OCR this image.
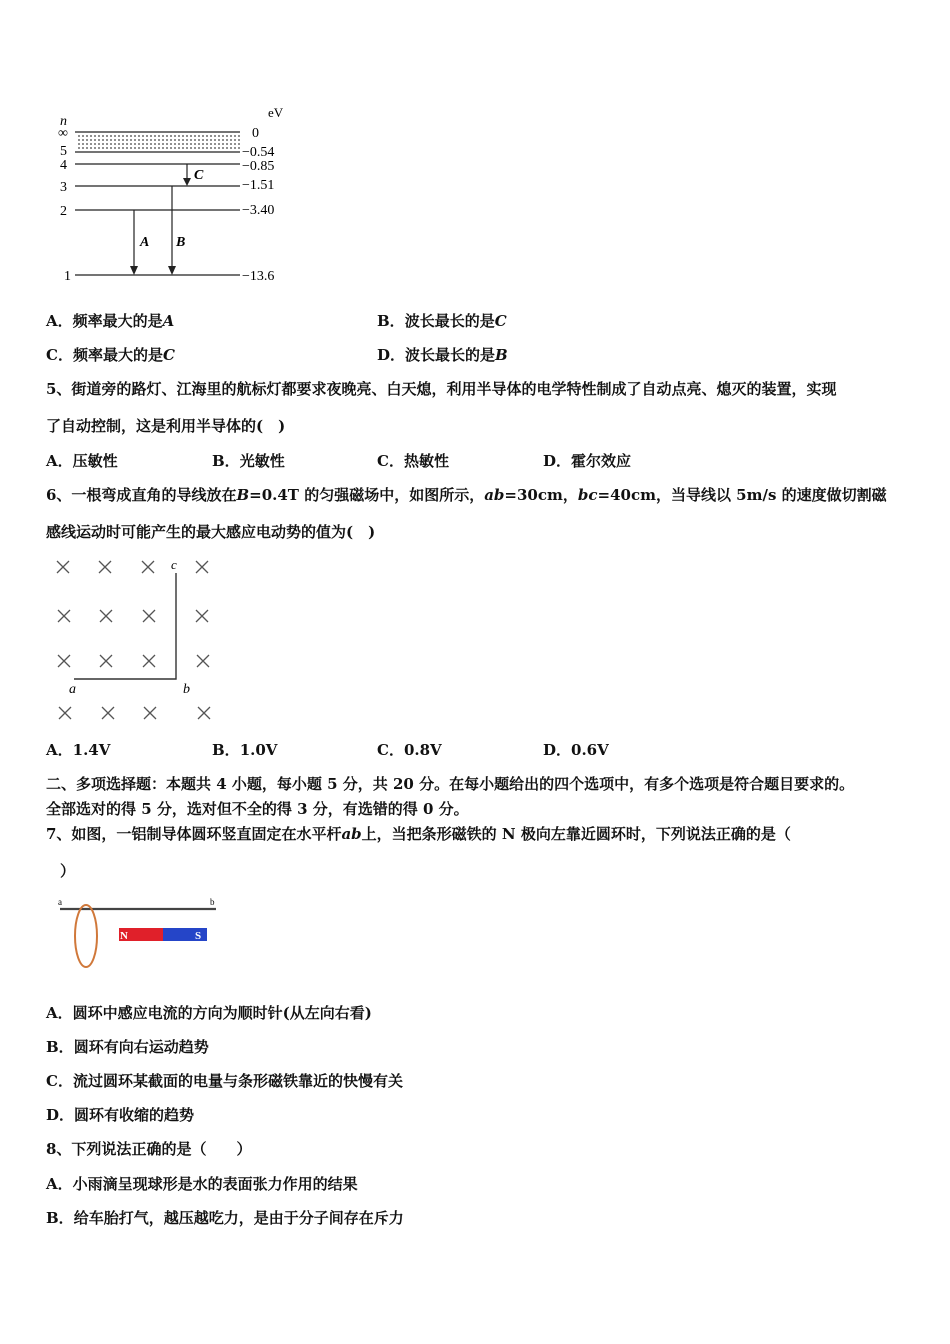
n
eV
∞
5
4
3
2
1
0
−0.54
−0.85
−1.51
−3.40
−13.6
A B
C
A．频率最大的是A	B．波长最长的是C
C．频率最大的是C	D．波长最长的是B
5、街道旁的路灯、江海里的航标灯都要求夜晚亮、白天熄，利用半导体的电学特性制成了自动点亮、熄灭的装置，实现
了自动控制，这是利用半导体的(　)
A．压敏性	B．光敏性	C．热敏性	D．霍尔效应
6、一根弯成直角的导线放在B=0.4T 的匀强磁场中，如图所示，ab=30cm，bc=40cm，当导线以 5m/s 的速度做切割磁
感线运动时可能产生的最大感应电动势的值为(　)
a	b
c
A．1.4V	B．1.0V	C．0.8V	D．0.6V
二、多项选择题：本题共 4 小题，每小题 5 分，共 20 分。在每小题给出的四个选项中，有多个选项是符合题目要求的。
全部选对的得 5 分，选对但不全的得 3 分，有选错的得 0 分。
7、如图，一铝制导体圆环竖直固定在水平杆ab上，当把条形磁铁的 N 极向左靠近圆环时，下列说法正确的是（
）
a	b
N	S
A．圆环中感应电流的方向为顺时针(从左向右看)
B．圆环有向右运动趋势
C．流过圆环某截面的电量与条形磁铁靠近的快慢有关
D．圆环有收缩的趋势
8、下列说法正确的是（　　）
A．小雨滴呈现球形是水的表面张力作用的结果
B．给车胎打气，越压越吃力，是由于分子间存在斥力
